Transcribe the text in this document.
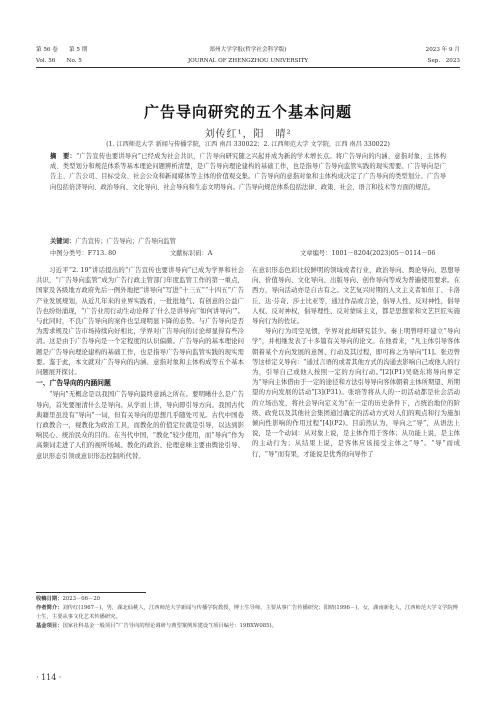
第 56 卷　　第 5 期	郑州大学学报(哲学社会科学版)	2023 年 9 月
Vol. 56　　No. 5	JOURNAL OF ZHENGZHOU UNIVERSITY	Sep.　2023
广告导向研究的五个基本问题
刘传红¹，阳　晴²
(1. 江西师范大学 新闻与传播学院，江西 南昌 330022；2. 江西师范大学 文学院，江西 南昌 330022)
摘　要：“广告宣传也要讲导向”已经成为社会共识，广告导向研究随之兴起并成为新的学术增长点。将广告导向的内涵、意指对象、主体构成、类型划分和规范体系等基本理论问题辨析清楚，是广告导向理论建构的基础工作，也是指导广告导向监管实践的现实需要。广告导向是广告主、广告公司、目标受众、社会公众和新闻媒体等主体的价值观交集。广告导向的意指对象和主体构成决定了广告导向的类型划分。广告导向包括倍济导向、政治导向、文化导向、社会导向和生态文明导向。广告导向规范体系包括法律、政策、社会、语言和技术等方面的规范。
关键词：广告宣传；广告导向；广告导向监管
中图分类号：F713. 80	文献标识码：A	文章编号：1001－8204(2023)05－0114－06

习近平“2. 19”讲话提出的“广告宣传也要讲导向”已成为学界和社会共识，“广告导向监管”成为广告行政主管部门年度监管工作的第一重点，国家及各级地方政府先后一例外地把“讲导向”写进“十三五”“十四五”广告产业发展规划，从近几年来的业界实践看，一批批地气、有创意的公益广告也纷纷涌现，“广告业用行动生动诠释了‘什么是讲导向’‘如何讲导向’”。与此同时，不良广告导向的案件也呈现明显下降的态势。与广告导向是否为需求规及广告市场持续向好相比，学界对广告导向的讨论却显得有些冷清。这是由于广告导向是一个定程度的认识偏颇。广告导向的基本理论问题是广告导向理论建构的基础工作，也是指导广告导向监管实践的现实需要。鉴于此，本文就对广告导向的内涵、意指对象和主体构成等五个基本问题展开探讨。

一、广告导向的内涵问题

“导向”无概念是以我国广告导向最终意涵之所在。要明晰什么是广告导向，首先要厘清什么是导向。从学而上讲，导向即引导方向。我国古代典籍里虽没有“导向”一词，但有关导向的思想几乎随处可见。古代中国卷行政教合一，视教化为政治工具，而教化的价值定位就是引导，以达到影响民心、统治民众的目的。在当代中国，“教化”较少使用，而“导向”作为高频词走进了人们的视听场域、教化的政治、伦理意味主要由舆论引导、意识形态引领或意识形态控制所代替。

在意识形态色彩比较鲜明的领域或者行业，政治导向、舆论导向、思想导向、价值导向、文化导向、出版导向、创作导向等成为普遍使用要求。在西方，导向活动亦是自古有之。文艺复兴时期的人文主义者如但丁、卡洛丘、达·芬奇、莎士比亚等，通过作品或言论，倡导人性、反对神性，倡导人权、反对神权，倡导理性、反对蒙昧主义，都是思想家和文艺巨匠实施导向行为的佐证。

导向行为司空见惯，学界对此却研究甚少。秦上明曾呼吁建立“导向学”，并相继发表了十多篇有关导向的论文。在他看来，“凡主体引导客体朝着某个方向发展的意图、行动及其过程，即可称之为导向”[1]。张迈曾等这样定义导向：“通过言语的或者其他方式的沟通去影响自己或他人的行为，引导自己或他人按照一定的方向行动。”[2](P1)吴晓东将导向界定为“导向主体借由于一定的途径和方法引导导向客体朝着主体所期望、所期望的方向发展的活动”[3](P31)。张培等将从人的一切活动都是社会活动的立场出发，将社会导向定义为“在一定的历史条件下，占统治地位的阶级、政党以及其他社会集团通过确定的活动方式对人们的观点和行为施加倾向性影响的作用过程”[4](P2)。目前然认为，导向之“导”，从语法上说，是一个动词：从对象上说，是主体作用于客体；从功能上说，是主体的主动行为；从结果上说，是客体应该接受主体之“导”。“导”而成行，“导”而有果，才能说是优秀的向导作了

收稿日期：2023－06－20
作者简介：刘传红(1967－)，男，湖北仙桃人，江西师范大学新闻与传播学院教授，博士生导师，主要从事广告传播研究；阳晴(1996－)，女，湖南新化人，江西师范大学文学院博士生，主要从事文化艺术传播研究。
基金项目：国家社科基金一般项目“广告导向的理论调研与典型案例库建设”(项目编号：19BXW085)。
· 114 ·
